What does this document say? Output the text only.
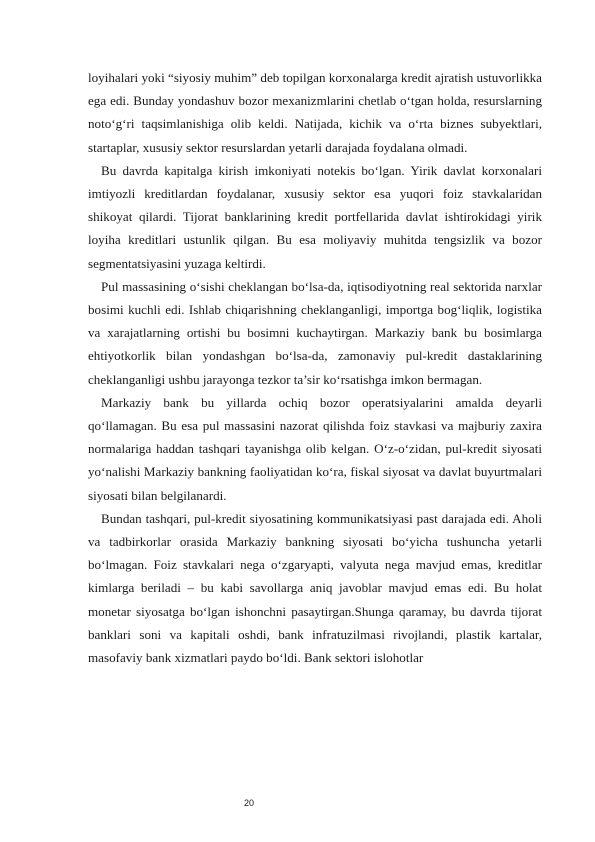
loyihalari yoki “siyosiy muhim” deb topilgan korxonalarga kredit ajratish ustuvorlikka ega edi. Bunday yondashuv bozor mexanizmlarini chetlab o‘tgan holda, resurslarning noto‘g‘ri taqsimlanishiga olib keldi. Natijada, kichik va o‘rta biznes subyektlari, startaplar, xususiy sektor resurslardan yetarli darajada foydalana olmadi.

Bu davrda kapitalga kirish imkoniyati notekis bo‘lgan. Yirik davlat korxonalari imtiyozli kreditlardan foydalanar, xususiy sektor esa yuqori foiz stavkalaridan shikoyat qilardi. Tijorat banklarining kredit portfellarida davlat ishtirokidagi yirik loyiha kreditlari ustunlik qilgan. Bu esa moliyaviy muhitda tengsizlik va bozor segmentatsiyasini yuzaga keltirdi.

Pul massasining o‘sishi cheklangan bo‘lsa-da, iqtisodiyotning real sektorida narxlar bosimi kuchli edi. Ishlab chiqarishning cheklanganligi, importga bog‘liqlik, logistika va xarajatlarning ortishi bu bosimni kuchaytirgan. Markaziy bank bu bosimlarga ehtiyotkorlik bilan yondashgan bo‘lsa-da, zamonaviy pul-kredit dastaklarining cheklanganligi ushbu jarayonga tezkor ta’sir ko‘rsatishga imkon bermagan.

Markaziy bank bu yillarda ochiq bozor operatsiyalarini amalda deyarli qo‘llamagan. Bu esa pul massasini nazorat qilishda foiz stavkasi va majburiy zaxira normalariga haddan tashqari tayanishga olib kelgan. O‘z-o‘zidan, pul-kredit siyosati yo‘nalishi Markaziy bankning faoliyatidan ko‘ra, fiskal siyosat va davlat buyurtmalari siyosati bilan belgilanardi.

Bundan tashqari, pul-kredit siyosatining kommunikatsiyasi past darajada edi. Aholi va tadbirkorlar orasida Markaziy bankning siyosati bo‘yicha tushuncha yetarli bo‘lmagan. Foiz stavkalari nega o‘zgaryapti, valyuta nega mavjud emas, kreditlar kimlarga beriladi – bu kabi savollarga aniq javoblar mavjud emas edi. Bu holat monetar siyosatga bo‘lgan ishonchni pasaytirgan.Shunga qaramay, bu davrda tijorat banklari soni va kapitali oshdi, bank infratuzilmasi rivojlandi, plastik kartalar, masofaviy bank xizmatlari paydo bo‘ldi. Bank sektori islohotlar

20
